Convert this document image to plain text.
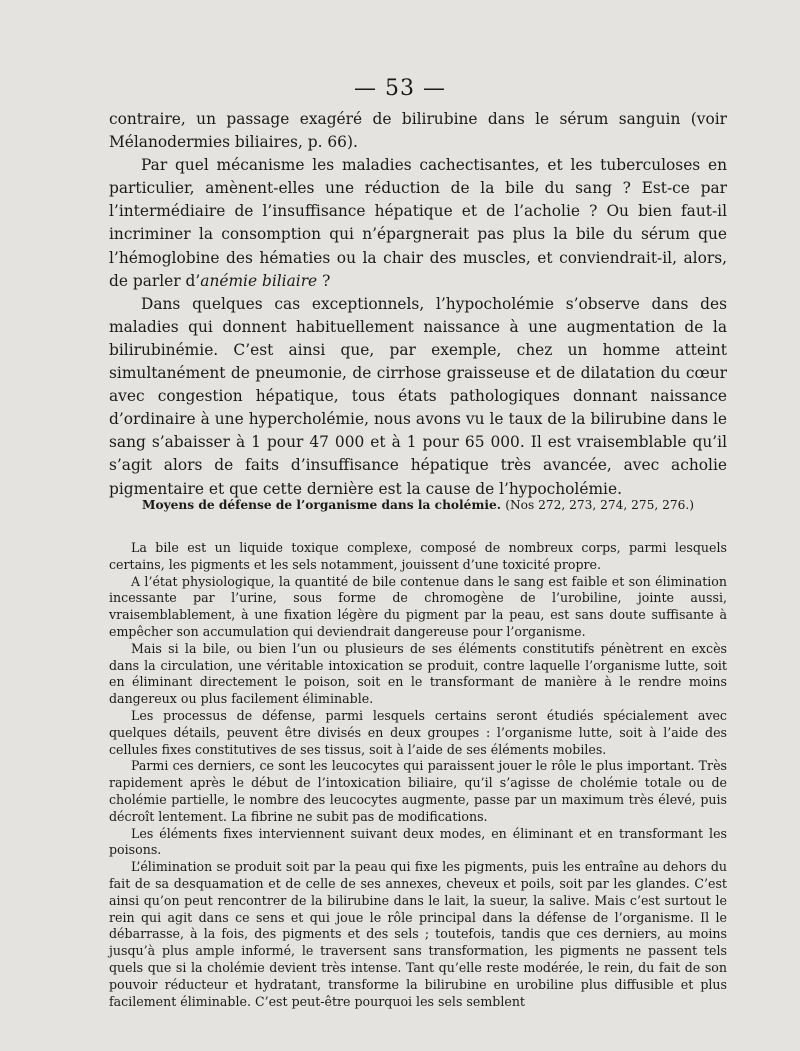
— 53 —

contraire, un passage exagéré de bilirubine dans le sérum sanguin (voir Mélanodermies biliaires, p. 66).

Par quel mécanisme les maladies cachectisantes, et les tuberculoses en particulier, amènent-elles une réduction de la bile du sang ? Est-ce par l’intermédiaire de l’insuffisance hépatique et de l’acholie ? Ou bien faut-il incriminer la consomption qui n’épargnerait pas plus la bile du sérum que l’hémoglobine des hématies ou la chair des muscles, et conviendrait-il, alors, de parler d’anémie biliaire ?

Dans quelques cas exceptionnels, l’hypocholémie s’observe dans des maladies qui donnent habituellement naissance à une augmentation de la bilirubinémie. C’est ainsi que, par exemple, chez un homme atteint simultanément de pneumonie, de cirrhose graisseuse et de dilatation du cœur avec congestion hépatique, tous états pathologiques donnant naissance d’ordinaire à une hypercholémie, nous avons vu le taux de la bilirubine dans le sang s’abaisser à 1 pour 47 000 et à 1 pour 65 000. Il est vraisemblable qu’il s’agit alors de faits d’insuffisance hépatique très avancée, avec acholie pigmentaire et que cette dernière est la cause de l’hypocholémie.

Moyens de défense de l’organisme dans la cholémie. (Nos 272, 273, 274, 275, 276.)

La bile est un liquide toxique complexe, composé de nombreux corps, parmi lesquels certains, les pigments et les sels notamment, jouissent d’une toxicité propre.

A l’état physiologique, la quantité de bile contenue dans le sang est faible et son élimination incessante par l’urine, sous forme de chromogène de l’urobiline, jointe aussi, vraisemblablement, à une fixation légère du pigment par la peau, est sans doute suffisante à empêcher son accumulation qui deviendrait dangereuse pour l’organisme.

Mais si la bile, ou bien l’un ou plusieurs de ses éléments constitutifs pénètrent en excès dans la circulation, une véritable intoxication se produit, contre laquelle l’organisme lutte, soit en éliminant directement le poison, soit en le transformant de manière à le rendre moins dangereux ou plus facilement éliminable.

Les processus de défense, parmi lesquels certains seront étudiés spécialement avec quelques détails, peuvent être divisés en deux groupes : l’organisme lutte, soit à l’aide des cellules fixes constitutives de ses tissus, soit à l’aide de ses éléments mobiles.

Parmi ces derniers, ce sont les leucocytes qui paraissent jouer le rôle le plus important. Très rapidement après le début de l’intoxication biliaire, qu’il s’agisse de cholémie totale ou de cholémie partielle, le nombre des leucocytes augmente, passe par un maximum très élevé, puis décroît lentement. La fibrine ne subit pas de modifications.

Les éléments fixes interviennent suivant deux modes, en éliminant et en transformant les poisons.

L’élimination se produit soit par la peau qui fixe les pigments, puis les entraîne au dehors du fait de sa desquamation et de celle de ses annexes, cheveux et poils, soit par les glandes. C’est ainsi qu’on peut rencontrer de la bilirubine dans le lait, la sueur, la salive. Mais c’est surtout le rein qui agit dans ce sens et qui joue le rôle principal dans la défense de l’organisme. Il le débarrasse, à la fois, des pigments et des sels ; toutefois, tandis que ces derniers, au moins jusqu’à plus ample informé, le traversent sans transformation, les pigments ne passent tels quels que si la cholémie devient très intense. Tant qu’elle reste modérée, le rein, du fait de son pouvoir réducteur et hydratant, transforme la bilirubine en urobiline plus diffusible et plus facilement éliminable. C’est peut-être pourquoi les sels semblent
